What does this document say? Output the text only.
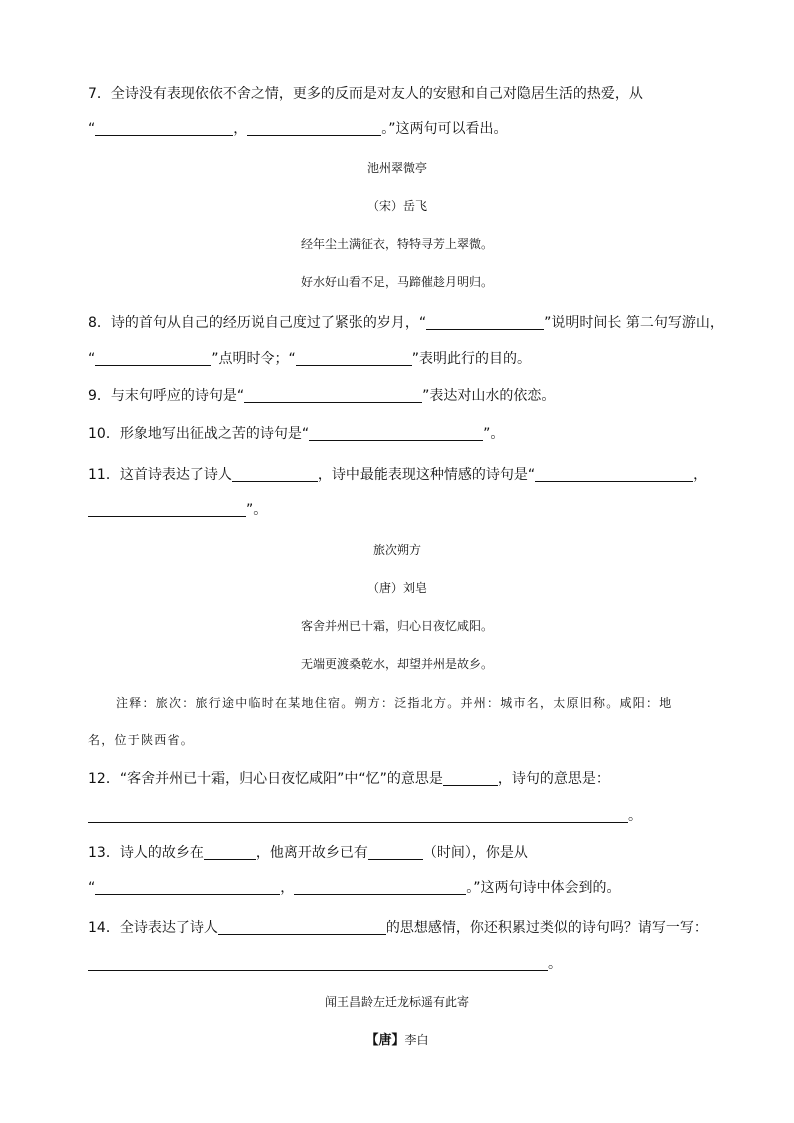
7．全诗没有表现依依不舍之情，更多的反而是对友人的安慰和自己对隐居生活的热爱，从
“	，	。”这两句可以看出。
池州翠微亭
（宋）岳飞
经年尘土满征衣，特特寻芳上翠微。
好水好山看不足，马蹄催趁月明归。
8．诗的首句从自己的经历说自己度过了紧张的岁月，“	”说明时间长 第二句写游山，
“	”点明时令；“	”表明此行的目的。
9．与末句呼应的诗句是“	”表达对山水的依恋。
10．形象地写出征战之苦的诗句是“	”。
11．这首诗表达了诗人	，诗中最能表现这种情感的诗句是“	，
”。
旅次朔方
（唐）刘皂
客舍并州已十霜，归心日夜忆咸阳。
无端更渡桑乾水，却望并州是故乡。
注释：旅次：旅行途中临时在某地住宿。朔方：泛指北方。并州：城市名，太原旧称。咸阳：地
名，位于陕西省。
12．“客舍并州已十霜，归心日夜忆咸阳”中“忆”的意思是	，诗句的意思是：
。
13．诗人的故乡在	，他离开故乡已有	（时间），你是从
“	，	。”这两句诗中体会到的。
14．全诗表达了诗人	的思想感情，你还积累过类似的诗句吗？请写一写：
。
闻王昌龄左迁龙标遥有此寄
【唐】李白
